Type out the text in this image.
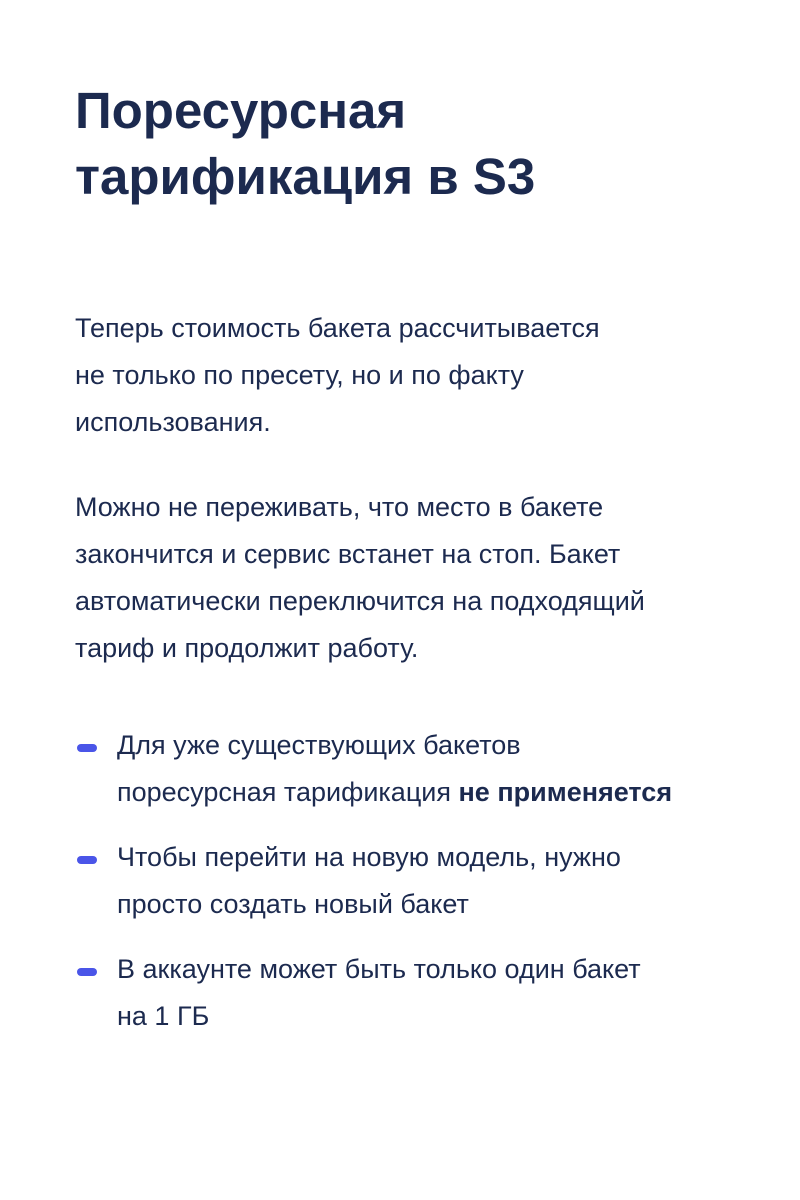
Поресурсная
тарификация в S3

Теперь стоимость бакета рассчитывается
не только по пресету, но и по факту
использования.

Можно не переживать, что место в бакете
закончится и сервис встанет на стоп. Бакет
автоматически переключится на подходящий
тариф и продолжит работу.

Для уже существующих бакетов
поресурсная тарификация не применяется
Чтобы перейти на новую модель, нужно
просто создать новый бакет
В аккаунте может быть только один бакет
на 1 ГБ
